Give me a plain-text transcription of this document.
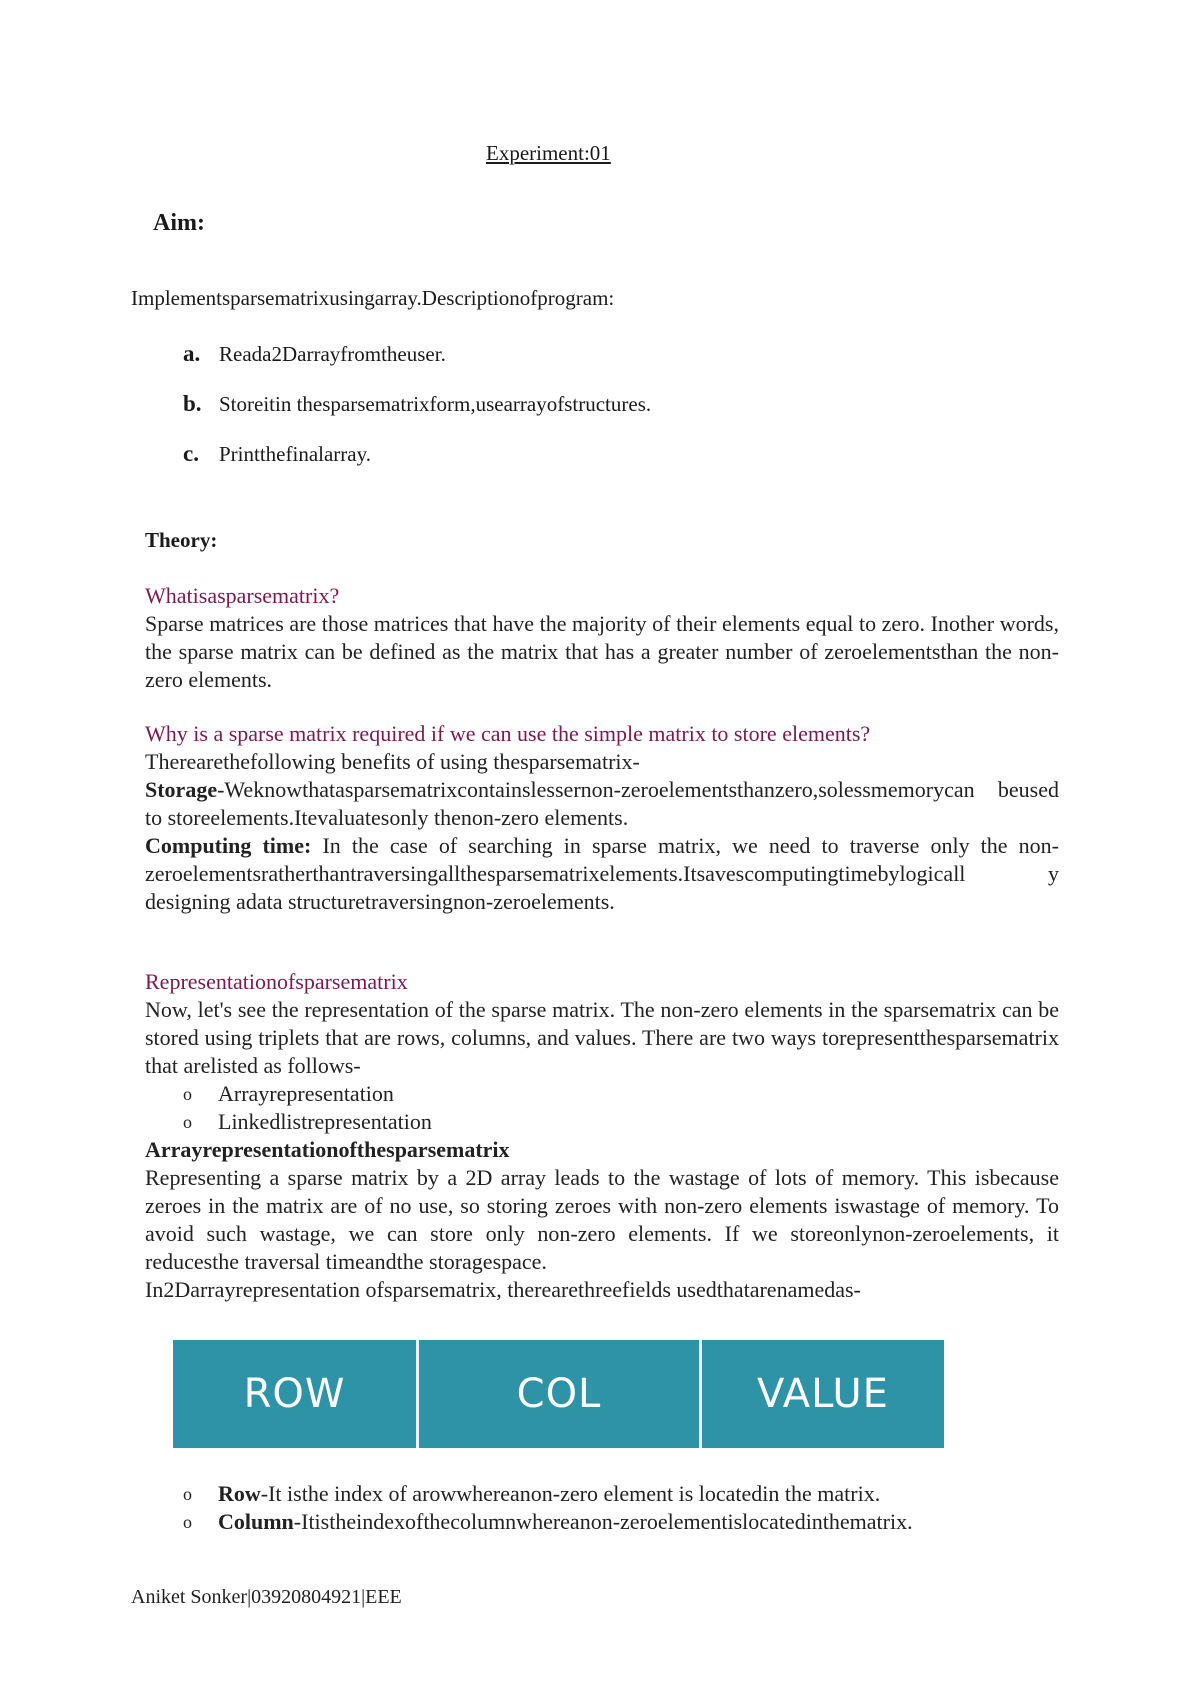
Experiment:01
Aim:
Implementsparsematrixusingarray.Descriptionofprogram:
a. Reada2Darrayfromtheuser.
b. Storeitin thesparsematrixform,usearrayofstructures.
c. Printthefinalarray.
Theory:
Whatisasparsematrix?
Sparse matrices are those matrices that have the majority of their elements equal to zero. Inother words, the sparse matrix can be defined as the matrix that has a greater number of zeroelementsthan the non-zero elements.
Why is a sparse matrix required if we can use the simple matrix to store elements?
Therearethefollowing benefits of using thesparsematrix-
Storage-Weknowthatasparsematrixcontainslessernon-zeroelementsthanzero,solessmemorycan beused to storeelements.Itevaluatesonly thenon-zero elements.
Computing time: In the case of searching in sparse matrix, we need to traverse only the non-zeroelementsratherthantraversingallthesparsematrixelements.Itsavescomputingtimebylogicall y designing adata structuretraversingnon-zeroelements.
Representationofsparsematrix
Now, let's see the representation of the sparse matrix. The non-zero elements in the sparsematrix can be stored using triplets that are rows, columns, and values. There are two ways torepresentthesparsematrix that arelisted as follows-
o Arrayrepresentation
o Linkedlistrepresentation
Arrayrepresentationofthesparsematrix
Representing a sparse matrix by a 2D array leads to the wastage of lots of memory. This isbecause zeroes in the matrix are of no use, so storing zeroes with non-zero elements iswastage of memory. To avoid such wastage, we can store only non-zero elements. If we storeonlynon-zeroelements, it reducesthe traversal timeandthe storagespace.
In2Darrayrepresentation ofsparsematrix, therearethreefields usedthatarenamedas-
ROW	COL	VALUE
o Row-It isthe index of arowwhereanon-zero element is locatedin the matrix.
o Column-Itistheindexofthecolumnwhereanon-zeroelementislocatedinthematrix.
Aniket Sonker|03920804921|EEE
